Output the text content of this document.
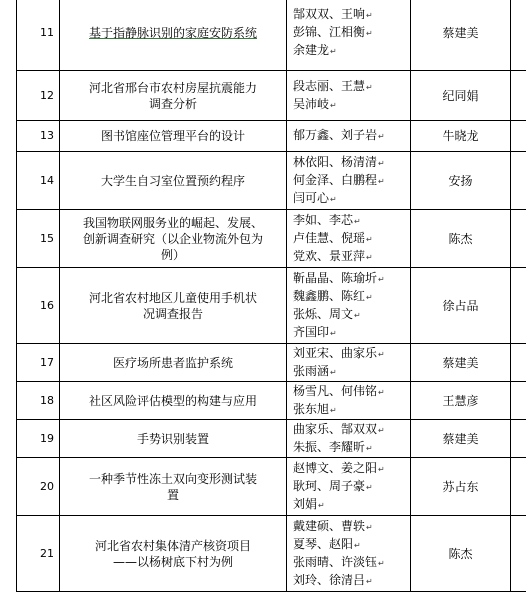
11	基于指静脉识别的家庭安防系统	郜双双、王响↵
彭锦、江相衡↵
余建龙↵	蔡建美	
12	河北省邢台市农村房屋抗震能力
调查分析	段志丽、王慧↵
吴沛岐↵	纪同娟	
13	图书馆座位管理平台的设计	郁万鑫、刘子岩↵	牛晓龙	
14	大学生自习室位置预约程序	林依阳、杨清清↵
何金泽、白鹏程↵
闫可心↵	安扬	
15	我国物联网服务业的崛起、发展、
创新调查研究（以企业物流外包为
例）	李如、李芯↵
卢佳慧、倪瑶↵
党欢、景亚萍↵	陈杰	
16	河北省农村地区儿童使用手机状
况调查报告	靳晶晶、陈瑜圻↵
魏鑫鹏、陈红↵
张烁、周文↵
齐国印↵	徐占品	
17	医疗场所患者监护系统	刘亚宋、曲家乐↵
张雨涵↵	蔡建美	
18	社区风险评估模型的构建与应用	杨雪凡、何伟铭↵
张东旭↵	王慧彦	
19	手势识别装置	曲家乐、郜双双↵
朱振、李耀昕↵	蔡建美	
20	一种季节性冻土双向变形测试装
置	赵博文、姜之阳↵
耿珂、周子豪↵
刘娟↵	苏占东	
21	河北省农村集体清产核资项目
——以杨树底下村为例	戴建硕、曹轶↵
夏琴、赵阳↵
张雨晴、许淡钰↵
刘玲、徐清吕↵	陈杰	
